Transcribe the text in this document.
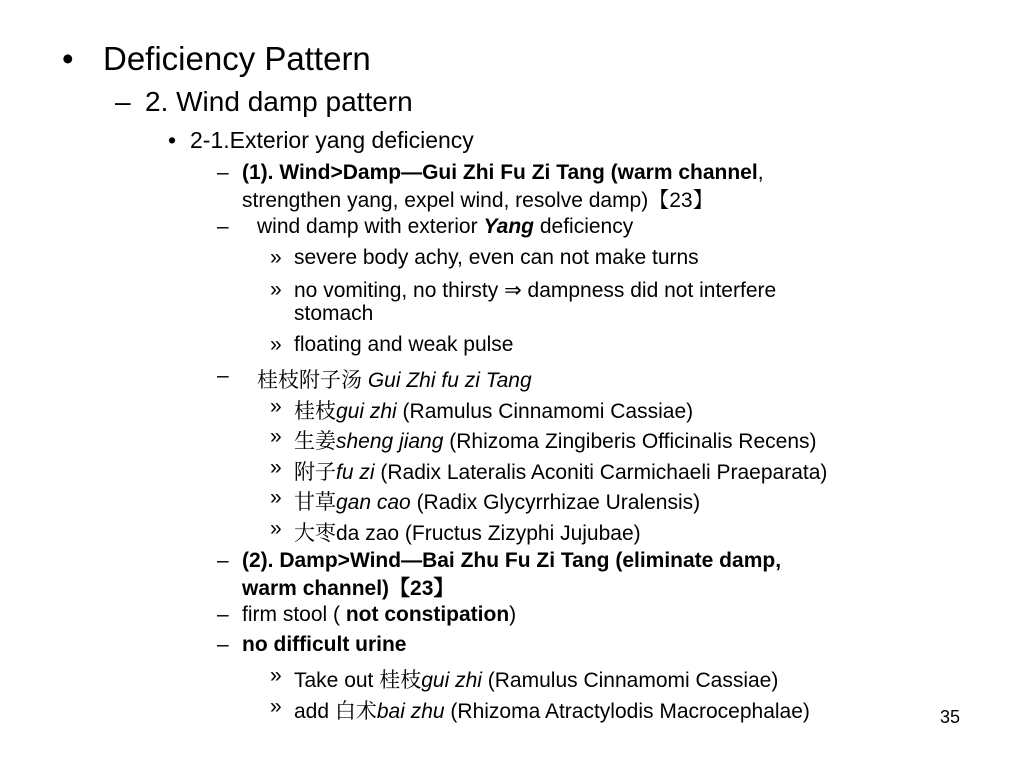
• Deficiency Pattern
– 2. Wind damp pattern
• 2-1.Exterior yang deficiency
– (1). Wind>Damp—Gui Zhi Fu Zi Tang (warm channel,
strengthen yang, expel wind, resolve damp)【23】
– wind damp with exterior Yang deficiency
» severe body achy, even can not make turns
» no vomiting, no thirsty ⇒ dampness did not interfere
stomach
» floating and weak pulse
– 桂枝附子汤 Gui Zhi fu zi Tang
» 桂枝gui zhi (Ramulus Cinnamomi Cassiae)
» 生姜sheng jiang (Rhizoma Zingiberis Officinalis Recens)
» 附子fu zi (Radix Lateralis Aconiti Carmichaeli Praeparata)
» 甘草gan cao (Radix Glycyrrhizae Uralensis)
» 大枣da zao (Fructus Zizyphi Jujubae)
– (2). Damp>Wind—Bai Zhu Fu Zi Tang (eliminate damp,
warm channel)【23】
– firm stool ( not constipation)
– no difficult urine
» Take out 桂枝gui zhi (Ramulus Cinnamomi Cassiae)
» add 白术bai zhu (Rhizoma Atractylodis Macrocephalae)	35
